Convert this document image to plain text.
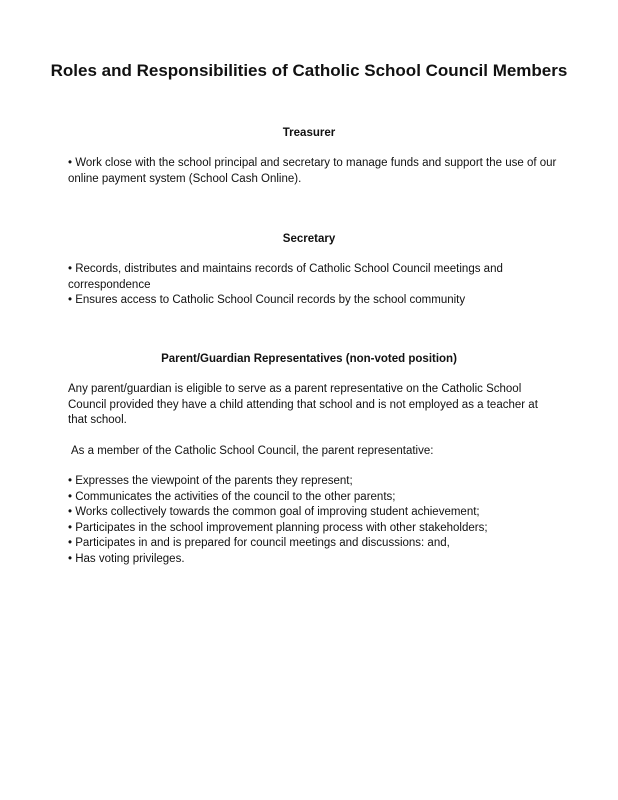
Roles and Responsibilities of Catholic School Council Members
Treasurer
• Work close with the school principal and secretary to manage funds and support the use of our online payment system (School Cash Online).
Secretary
• Records, distributes and maintains records of Catholic School Council meetings and correspondence
• Ensures access to Catholic School Council records by the school community
Parent/Guardian Representatives (non-voted position)

Any parent/guardian is eligible to serve as a parent representative on the Catholic School Council provided they have a child attending that school and is not employed as a teacher at that school.

As a member of the Catholic School Council, the parent representative:

• Expresses the viewpoint of the parents they represent;
• Communicates the activities of the council to the other parents;
• Works collectively towards the common goal of improving student achievement;
• Participates in the school improvement planning process with other stakeholders;
• Participates in and is prepared for council meetings and discussions: and,
• Has voting privileges.
